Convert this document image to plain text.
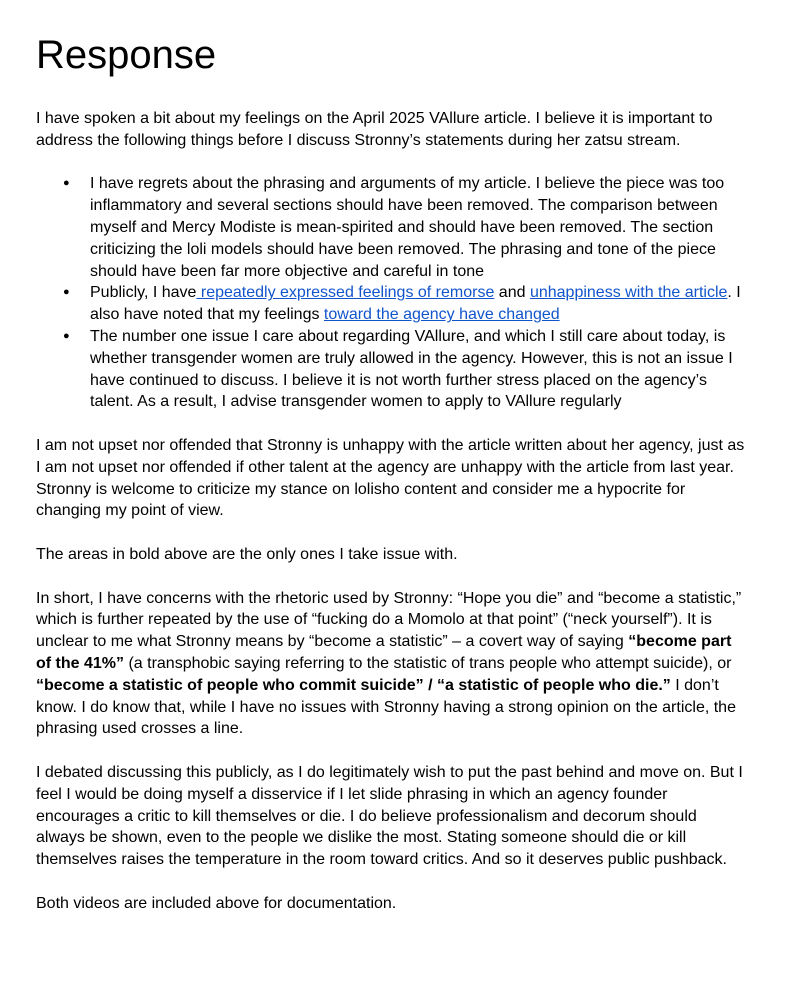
Response

I have spoken a bit about my feelings on the April 2025 VAllure article. I believe it is important to address the following things before I discuss Stronny’s statements during her zatsu stream.

● I have regrets about the phrasing and arguments of my article. I believe the piece was too inflammatory and several sections should have been removed. The comparison between myself and Mercy Modiste is mean-spirited and should have been removed. The section criticizing the loli models should have been removed. The phrasing and tone of the piece should have been far more objective and careful in tone
● Publicly, I have repeatedly expressed feelings of remorse and unhappiness with the article. I also have noted that my feelings toward the agency have changed
● The number one issue I care about regarding VAllure, and which I still care about today, is whether transgender women are truly allowed in the agency. However, this is not an issue I have continued to discuss. I believe it is not worth further stress placed on the agency’s talent. As a result, I advise transgender women to apply to VAllure regularly

I am not upset nor offended that Stronny is unhappy with the article written about her agency, just as I am not upset nor offended if other talent at the agency are unhappy with the article from last year. Stronny is welcome to criticize my stance on lolisho content and consider me a hypocrite for changing my point of view.

The areas in bold above are the only ones I take issue with.

In short, I have concerns with the rhetoric used by Stronny: “Hope you die” and “become a statistic,” which is further repeated by the use of “fucking do a Momolo at that point” (“neck yourself”). It is unclear to me what Stronny means by “become a statistic” – a covert way of saying “become part of the 41%” (a transphobic saying referring to the statistic of trans people who attempt suicide), or “become a statistic of people who commit suicide” / “a statistic of people who die.” I don’t know. I do know that, while I have no issues with Stronny having a strong opinion on the article, the phrasing used crosses a line.

I debated discussing this publicly, as I do legitimately wish to put the past behind and move on. But I feel I would be doing myself a disservice if I let slide phrasing in which an agency founder encourages a critic to kill themselves or die. I do believe professionalism and decorum should always be shown, even to the people we dislike the most. Stating someone should die or kill themselves raises the temperature in the room toward critics. And so it deserves public pushback.

Both videos are included above for documentation.
